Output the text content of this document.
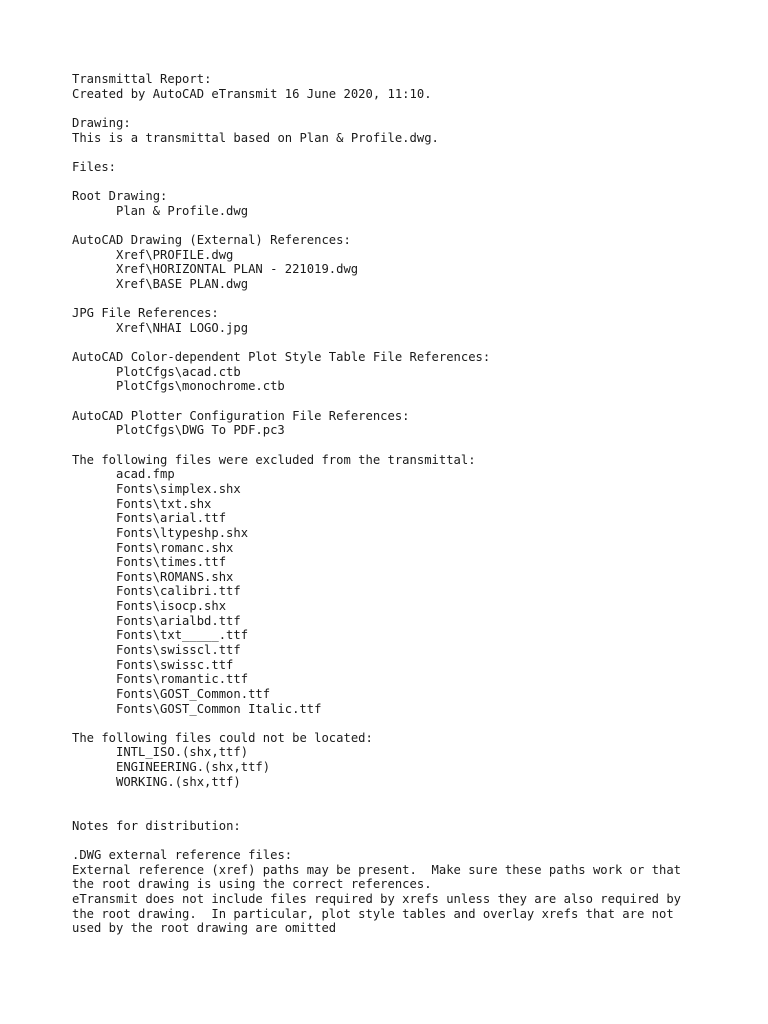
Transmittal Report:
Created by AutoCAD eTransmit 16 June 2020, 11:10.
Drawing:
This is a transmittal based on Plan & Profile.dwg.
Files:
Root Drawing:
Plan & Profile.dwg
AutoCAD Drawing (External) References:
Xref\PROFILE.dwg
Xref\HORIZONTAL PLAN - 221019.dwg
Xref\BASE PLAN.dwg
JPG File References:
Xref\NHAI LOGO.jpg
AutoCAD Color-dependent Plot Style Table File References:
PlotCfgs\acad.ctb
PlotCfgs\monochrome.ctb
AutoCAD Plotter Configuration File References:
PlotCfgs\DWG To PDF.pc3
The following files were excluded from the transmittal:
acad.fmp
Fonts\simplex.shx
Fonts\txt.shx
Fonts\arial.ttf
Fonts\ltypeshp.shx
Fonts\romanc.shx
Fonts\times.ttf
Fonts\ROMANS.shx
Fonts\calibri.ttf
Fonts\isocp.shx
Fonts\arialbd.ttf
Fonts\txt_____.ttf
Fonts\swisscl.ttf
Fonts\swissc.ttf
Fonts\romantic.ttf
Fonts\GOST_Common.ttf
Fonts\GOST_Common Italic.ttf
The following files could not be located:
INTL_ISO.(shx,ttf)
ENGINEERING.(shx,ttf)
WORKING.(shx,ttf)
Notes for distribution:
.DWG external reference files:
External reference (xref) paths may be present.  Make sure these paths work or that
the root drawing is using the correct references.
eTransmit does not include files required by xrefs unless they are also required by
the root drawing.  In particular, plot style tables and overlay xrefs that are not
used by the root drawing are omitted
